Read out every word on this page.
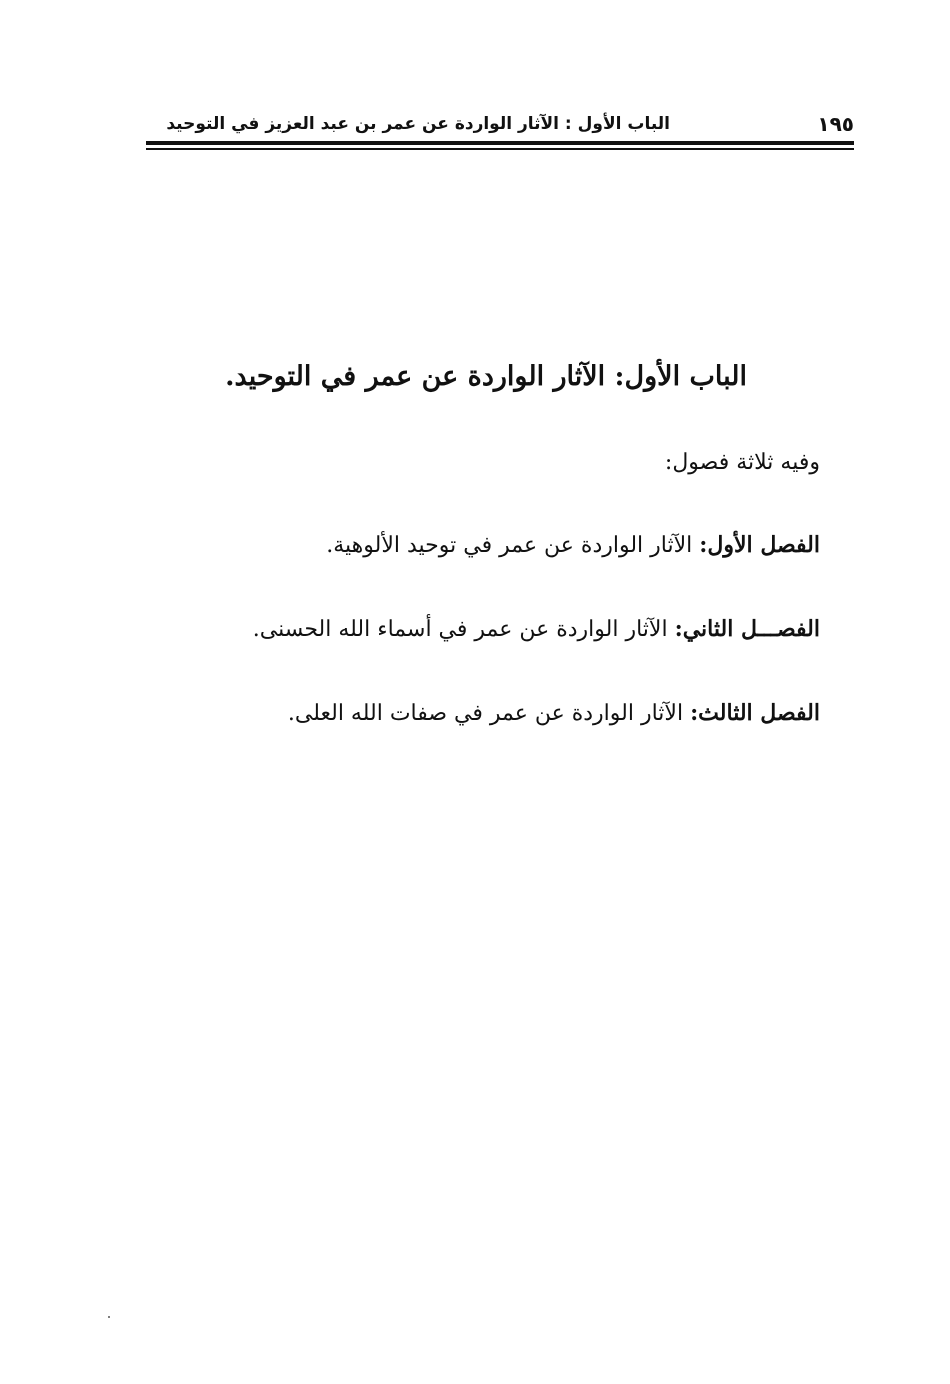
الباب الأول : الآثار الواردة عن عمر بن عبد العزيز في التوحيد	١٩٥
الباب الأول: الآثار الواردة عن عمر في التوحيد.

وفيه ثلاثة فصول:

الفصل الأول: الآثار الواردة عن عمر في توحيد الألوهية.

الفصـــل الثاني: الآثار الواردة عن عمر في أسماء الله الحسنى.

الفصل الثالث: الآثار الواردة عن عمر في صفات الله العلى.
